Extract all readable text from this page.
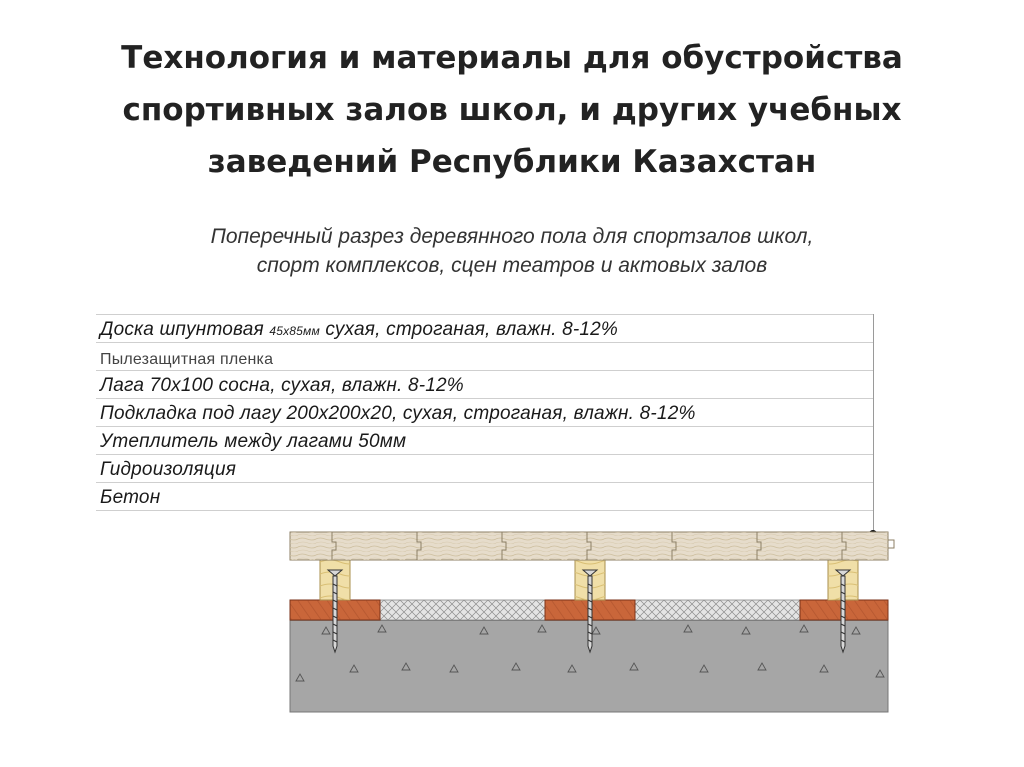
Технология и материалы для обустройства
спортивных залов школ, и других учебных
заведений Республики Казахстан
Поперечный разрез деревянного пола для спортзалов школ,
спорт комплексов, сцен театров и актовых залов
Доска шпунтовая 45х85мм сухая, строганая, влажн. 8-12%
Пылезащитная пленка
Лага 70х100 сосна, сухая, влажн. 8-12%
Подкладка под лагу 200х200х20, сухая, строганая, влажн. 8-12%
Утеплитель между лагами 50мм
Гидроизоляция
Бетон
